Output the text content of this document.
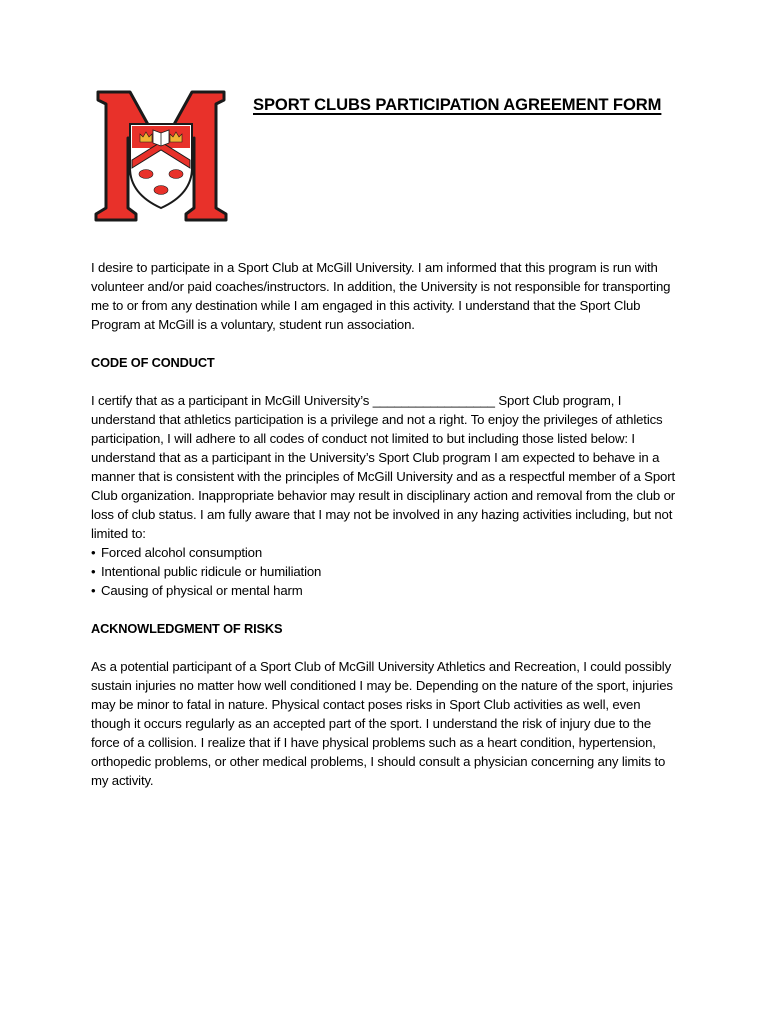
SPORT CLUBS PARTICIPATION AGREEMENT FORM

I desire to participate in a Sport Club at McGill University. I am informed that this program is run with volunteer and/or paid coaches/instructors. In addition, the University is not responsible for transporting me to or from any destination while I am engaged in this activity. I understand that the Sport Club Program at McGill is a voluntary, student run association.

CODE OF CONDUCT

I certify that as a participant in McGill University’s _________________ Sport Club program, I understand that athletics participation is a privilege and not a right. To enjoy the privileges of athletics participation, I will adhere to all codes of conduct not limited to but including those listed below: I understand that as a participant in the University’s Sport Club program I am expected to behave in a manner that is consistent with the principles of McGill University and as a respectful member of a Sport Club organization. Inappropriate behavior may result in disciplinary action and removal from the club or loss of club status. I am fully aware that I may not be involved in any hazing activities including, but not limited to:

• Forced alcohol consumption
• Intentional public ridicule or humiliation
• Causing of physical or mental harm
ACKNOWLEDGMENT OF RISKS

As a potential participant of a Sport Club of McGill University Athletics and Recreation, I could possibly sustain injuries no matter how well conditioned I may be. Depending on the nature of the sport, injuries may be minor to fatal in nature. Physical contact poses risks in Sport Club activities as well, even though it occurs regularly as an accepted part of the sport. I understand the risk of injury due to the force of a collision. I realize that if I have physical problems such as a heart condition, hypertension, orthopedic problems, or other medical problems, I should consult a physician concerning any limits to my activity.
